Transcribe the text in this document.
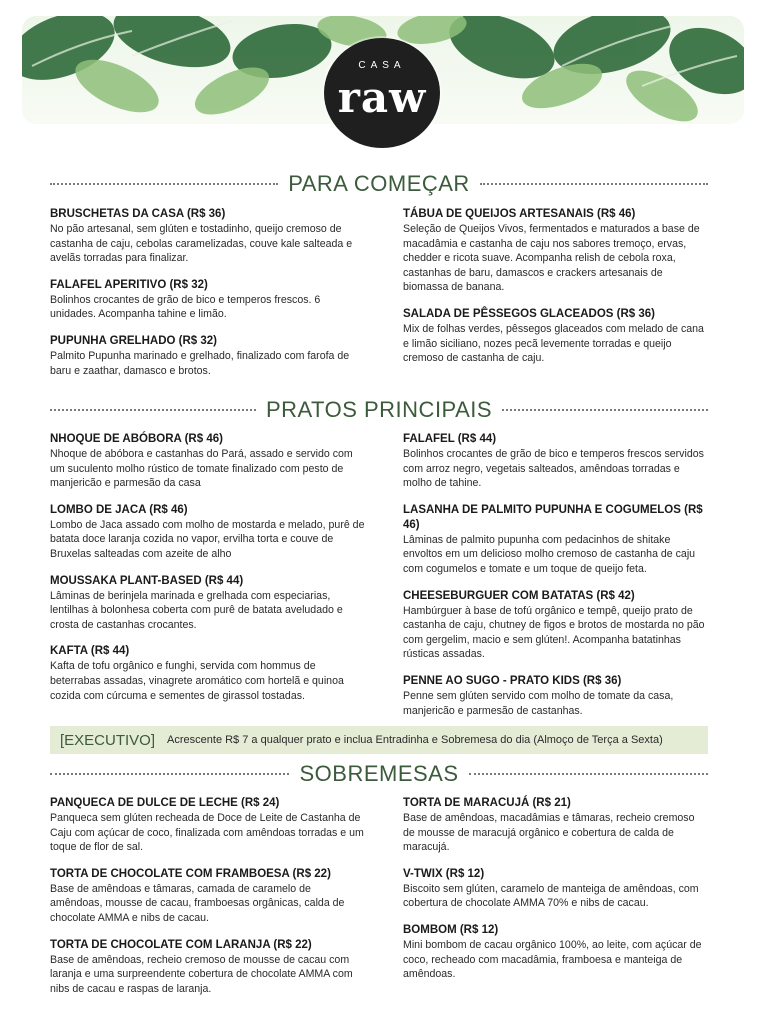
CASA
raw
PARA COMEÇAR
BRUSCHETAS DA CASA (R$ 36)
No pão artesanal, sem glúten e tostadinho, queijo cremoso de castanha de caju, cebolas caramelizadas, couve kale salteada e avelãs torradas para finalizar.
FALAFEL APERITIVO (R$ 32)
Bolinhos crocantes de grão de bico e temperos frescos. 6 unidades. Acompanha tahine e limão.
PUPUNHA GRELHADO (R$ 32)
Palmito Pupunha marinado e grelhado, finalizado com farofa de baru e zaathar, damasco e brotos.
TÁBUA DE QUEIJOS ARTESANAIS (R$ 46)
Seleção de Queijos Vivos, fermentados e maturados a base de macadâmia e castanha de caju nos sabores tremoço, ervas, chedder e ricota suave. Acompanha relish de cebola roxa, castanhas de baru, damascos e crackers artesanais de biomassa de banana.
SALADA DE PÊSSEGOS GLACEADOS (R$ 36)
Mix de folhas verdes, pêssegos glaceados com melado de cana e limão siciliano, nozes pecã levemente torradas e queijo cremoso de castanha de caju.
PRATOS PRINCIPAIS
NHOQUE DE ABÓBORA (R$ 46)
Nhoque de abóbora e castanhas do Pará, assado e servido com um suculento molho rústico de tomate finalizado com pesto de manjericão e parmesão da casa
LOMBO DE JACA (R$ 46)
Lombo de Jaca assado com molho de mostarda e melado, purê de batata doce laranja cozida no vapor, ervilha torta e couve de Bruxelas salteadas com azeite de alho
MOUSSAKA PLANT-BASED (R$ 44)
Lâminas de berinjela marinada e grelhada com especiarias, lentilhas à bolonhesa coberta com purê de batata aveludado e crosta de castanhas crocantes.
KAFTA (R$ 44)
Kafta de tofu orgânico e funghi, servida com hommus de beterrabas assadas, vinagrete aromático com hortelã e quinoa cozida com cúrcuma e sementes de girassol tostadas.
FALAFEL (R$ 44)
Bolinhos crocantes de grão de bico e temperos frescos servidos com arroz negro, vegetais salteados, amêndoas torradas e molho de tahine.
LASANHA DE PALMITO PUPUNHA E COGUMELOS (R$ 46)
Lâminas de palmito pupunha com pedacinhos de shitake envoltos em um delicioso molho cremoso de castanha de caju com cogumelos e tomate e um toque de queijo feta.
CHEESEBURGUER COM BATATAS (R$ 42)
Hambúrguer à base de tofú orgânico e tempê, queijo prato de castanha de caju, chutney de figos e brotos de mostarda no pão com gergelim, macio e sem glúten!. Acompanha batatinhas rústicas assadas.
PENNE AO SUGO - PRATO KIDS (R$ 36)
Penne sem glúten servido com molho de tomate da casa, manjericão e parmesão de castanhas.
[EXECUTIVO] Acrescente R$ 7 a qualquer prato e inclua Entradinha e Sobremesa do dia (Almoço de Terça a Sexta)
SOBREMESAS
PANQUECA DE DULCE DE LECHE (R$ 24)
Panqueca sem glúten recheada de Doce de Leite de Castanha de Caju com açúcar de coco, finalizada com amêndoas torradas e um toque de flor de sal.
TORTA DE CHOCOLATE COM FRAMBOESA (R$ 22)
Base de amêndoas e tâmaras, camada de caramelo de amêndoas, mousse de cacau, framboesas orgânicas, calda de chocolate AMMA e nibs de cacau.
TORTA DE CHOCOLATE COM LARANJA (R$ 22)
Base de amêndoas, recheio cremoso de mousse de cacau com laranja e uma surpreendente cobertura de chocolate AMMA com nibs de cacau e raspas de laranja.
TORTA DE MARACUJÁ (R$ 21)
Base de amêndoas, macadâmias e tâmaras, recheio cremoso de mousse de maracujá orgânico e cobertura de calda de maracujá.
V-TWIX (R$ 12)
Biscoito sem glúten, caramelo de manteiga de amêndoas, com cobertura de chocolate AMMA 70% e nibs de cacau.
BOMBOM (R$ 12)
Mini bombom de cacau orgânico 100%, ao leite, com açúcar de coco, recheado com macadâmia, framboesa e manteiga de amêndoas.
